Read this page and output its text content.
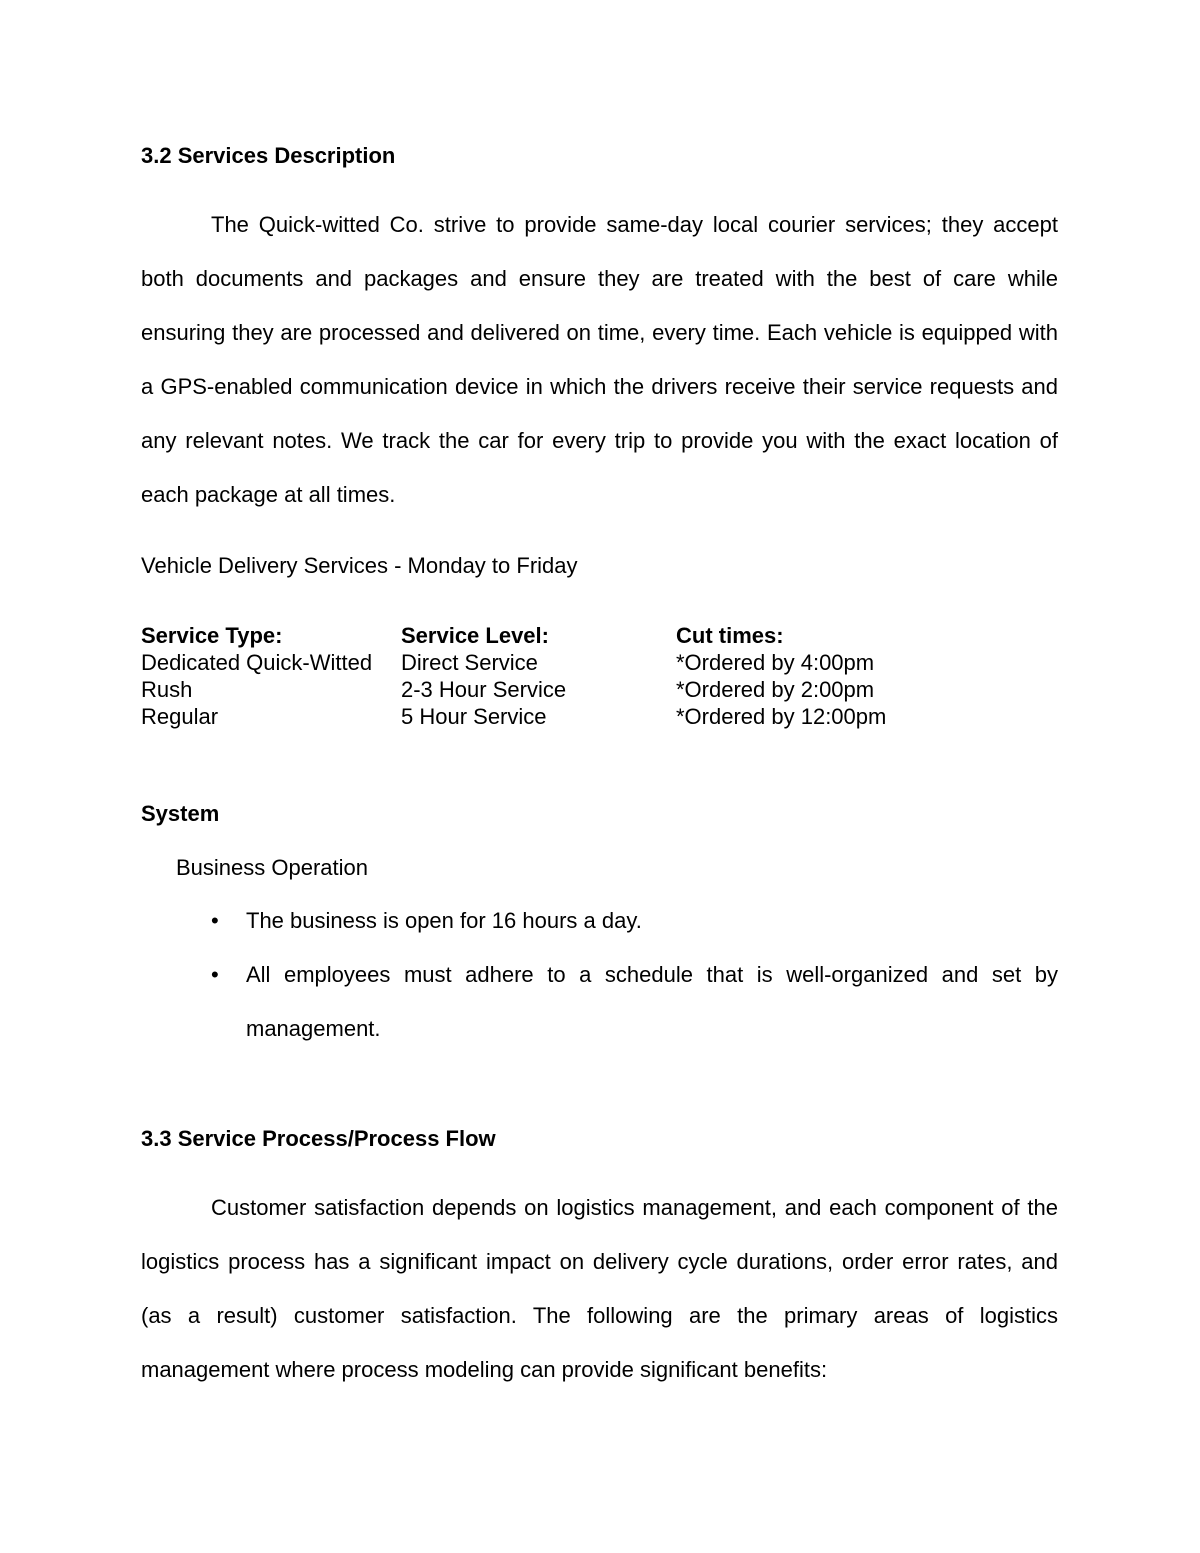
3.2 Services Description

The Quick-witted Co. strive to provide same-day local courier services; they accept both documents and packages and ensure they are treated with the best of care while ensuring they are processed and delivered on time, every time. Each vehicle is equipped with a GPS-enabled communication device in which the drivers receive their service requests and any relevant notes. We track the car for every trip to provide you with the exact location of each package at all times.

Vehicle Delivery Services - Monday to Friday

Service Type:	Service Level:	Cut times:
Dedicated Quick-Witted	Direct Service	*Ordered by 4:00pm
Rush	2-3 Hour Service	*Ordered by 2:00pm
Regular	5 Hour Service	*Ordered by 12:00pm
System

Business Operation

• The business is open for 16 hours a day.
• All employees must adhere to a schedule that is well-organized and set by management.
3.3 Service Process/Process Flow

Customer satisfaction depends on logistics management, and each component of the logistics process has a significant impact on delivery cycle durations, order error rates, and (as a result) customer satisfaction. The following are the primary areas of logistics management where process modeling can provide significant benefits:
